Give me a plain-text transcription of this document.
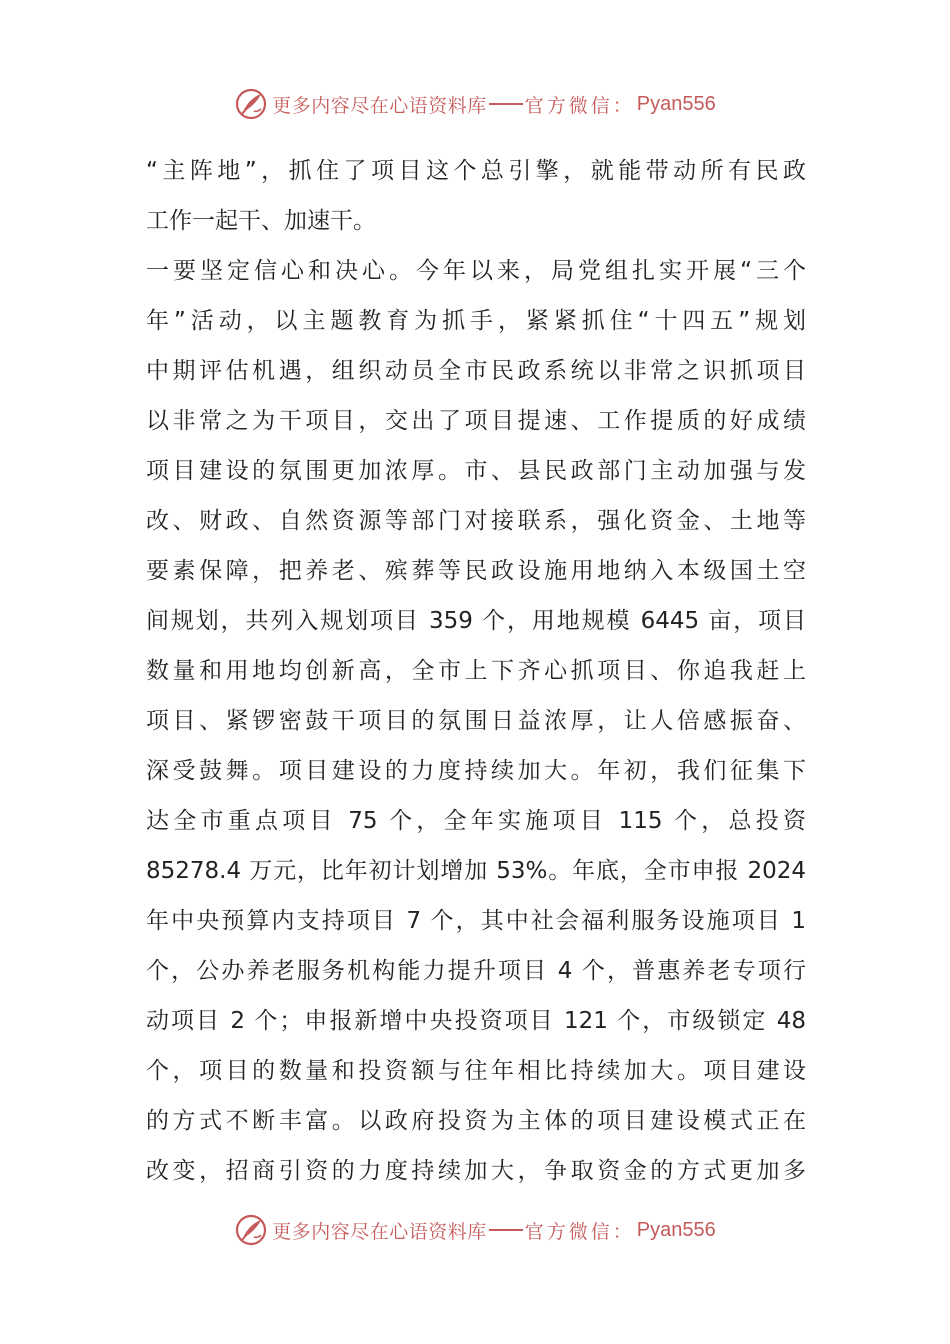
更多内容尽在心语资料库 官方微信： Pyan556
“主阵地”，抓住了项目这个总引擎，就能带动所有民政
工作一起干、加速干。
一要坚定信心和决心。今年以来，局党组扎实开展“三个
年”活动，以主题教育为抓手，紧紧抓住“十四五”规划
中期评估机遇，组织动员全市民政系统以非常之识抓项目
以非常之为干项目，交出了项目提速、工作提质的好成绩
项目建设的氛围更加浓厚。市、县民政部门主动加强与发
改、财政、自然资源等部门对接联系，强化资金、土地等
要素保障，把养老、殡葬等民政设施用地纳入本级国土空
间规划，共列入规划项目 359 个，用地规模 6445 亩，项目
数量和用地均创新高，全市上下齐心抓项目、你追我赶上
项目、紧锣密鼓干项目的氛围日益浓厚，让人倍感振奋、
深受鼓舞。项目建设的力度持续加大。年初，我们征集下
达全市重点项目 75 个，全年实施项目 115 个，总投资
85278.4 万元，比年初计划增加 53%。年底，全市申报 2024
年中央预算内支持项目 7 个，其中社会福利服务设施项目 1
个，公办养老服务机构能力提升项目 4 个，普惠养老专项行
动项目 2 个；申报新增中央投资项目 121 个，市级锁定 48
个，项目的数量和投资额与往年相比持续加大。项目建设
的方式不断丰富。以政府投资为主体的项目建设模式正在
改变，招商引资的力度持续加大，争取资金的方式更加多
更多内容尽在心语资料库 官方微信： Pyan556
